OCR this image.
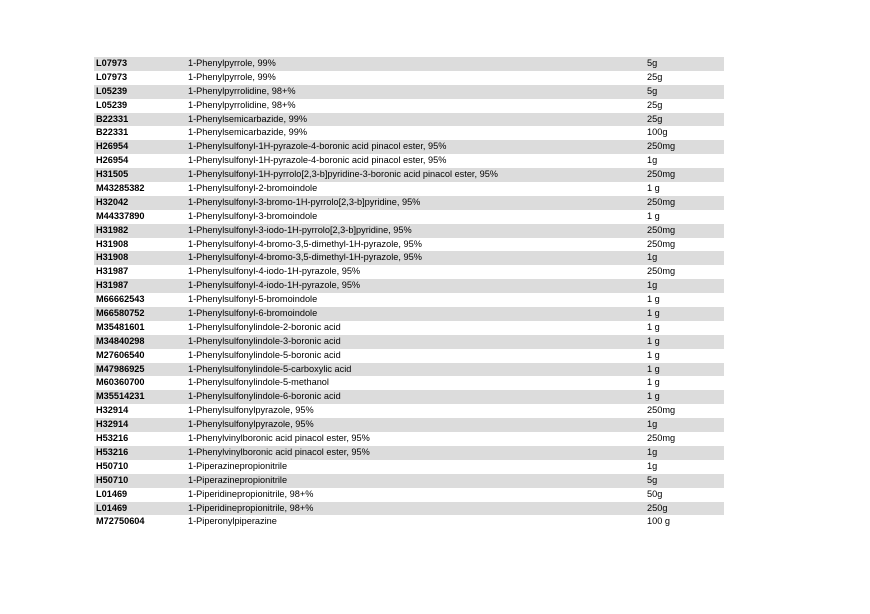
L07973	1-Phenylpyrrole, 99%	5g
L07973	1-Phenylpyrrole, 99%	25g
L05239	1-Phenylpyrrolidine, 98+%	5g
L05239	1-Phenylpyrrolidine, 98+%	25g
B22331	1-Phenylsemicarbazide, 99%	25g
B22331	1-Phenylsemicarbazide, 99%	100g
H26954	1-Phenylsulfonyl-1H-pyrazole-4-boronic acid pinacol ester, 95%	250mg
H26954	1-Phenylsulfonyl-1H-pyrazole-4-boronic acid pinacol ester, 95%	1g
H31505	1-Phenylsulfonyl-1H-pyrrolo[2,3-b]pyridine-3-boronic acid pinacol ester, 95%	250mg
M43285382	1-Phenylsulfonyl-2-bromoindole	1 g
H32042	1-Phenylsulfonyl-3-bromo-1H-pyrrolo[2,3-b]pyridine, 95%	250mg
M44337890	1-Phenylsulfonyl-3-bromoindole	1 g
H31982	1-Phenylsulfonyl-3-iodo-1H-pyrrolo[2,3-b]pyridine, 95%	250mg
H31908	1-Phenylsulfonyl-4-bromo-3,5-dimethyl-1H-pyrazole, 95%	250mg
H31908	1-Phenylsulfonyl-4-bromo-3,5-dimethyl-1H-pyrazole, 95%	1g
H31987	1-Phenylsulfonyl-4-iodo-1H-pyrazole, 95%	250mg
H31987	1-Phenylsulfonyl-4-iodo-1H-pyrazole, 95%	1g
M66662543	1-Phenylsulfonyl-5-bromoindole	1 g
M66580752	1-Phenylsulfonyl-6-bromoindole	1 g
M35481601	1-Phenylsulfonylindole-2-boronic acid	1 g
M34840298	1-Phenylsulfonylindole-3-boronic acid	1 g
M27606540	1-Phenylsulfonylindole-5-boronic acid	1 g
M47986925	1-Phenylsulfonylindole-5-carboxylic acid	1 g
M60360700	1-Phenylsulfonylindole-5-methanol	1 g
M35514231	1-Phenylsulfonylindole-6-boronic acid	1 g
H32914	1-Phenylsulfonylpyrazole, 95%	250mg
H32914	1-Phenylsulfonylpyrazole, 95%	1g
H53216	1-Phenylvinylboronic acid pinacol ester, 95%	250mg
H53216	1-Phenylvinylboronic acid pinacol ester, 95%	1g
H50710	1-Piperazinepropionitrile	1g
H50710	1-Piperazinepropionitrile	5g
L01469	1-Piperidinepropionitrile, 98+%	50g
L01469	1-Piperidinepropionitrile, 98+%	250g
M72750604	1-Piperonylpiperazine	100 g
